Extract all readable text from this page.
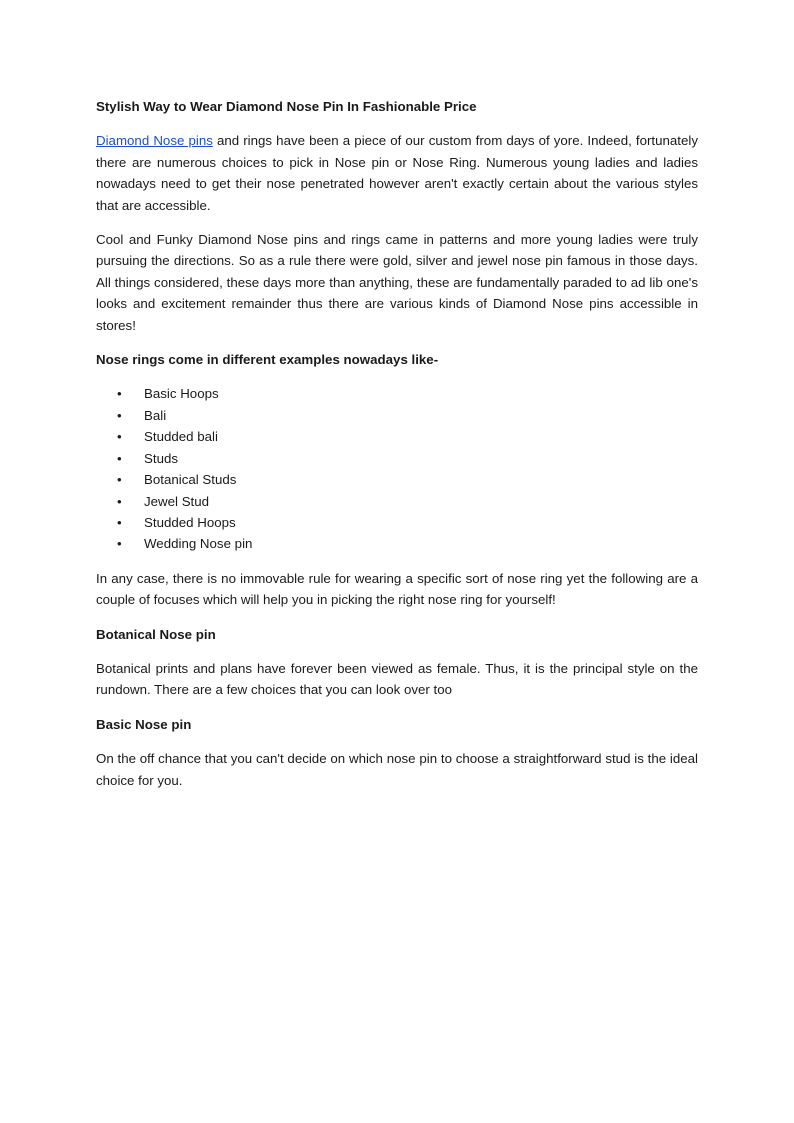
Stylish Way to Wear Diamond Nose Pin In Fashionable Price

Diamond Nose pins and rings have been a piece of our custom from days of yore. Indeed, fortunately there are numerous choices to pick in Nose pin or Nose Ring. Numerous young ladies and ladies nowadays need to get their nose penetrated however aren't exactly certain about the various styles that are accessible.

Cool and Funky Diamond Nose pins and rings came in patterns and more young ladies were truly pursuing the directions. So as a rule there were gold, silver and jewel nose pin famous in those days. All things considered, these days more than anything, these are fundamentally paraded to ad lib one's looks and excitement remainder thus there are various kinds of Diamond Nose pins accessible in stores!

Nose rings come in different examples nowadays like-
• Basic Hoops
• Bali
• Studded bali
• Studs
• Botanical Studs
• Jewel Stud
• Studded Hoops
• Wedding Nose pin

In any case, there is no immovable rule for wearing a specific sort of nose ring yet the following are a couple of focuses which will help you in picking the right nose ring for yourself!

Botanical Nose pin

Botanical prints and plans have forever been viewed as female. Thus, it is the principal style on the rundown. There are a few choices that you can look over too

Basic Nose pin

On the off chance that you can't decide on which nose pin to choose a straightforward stud is the ideal choice for you.
